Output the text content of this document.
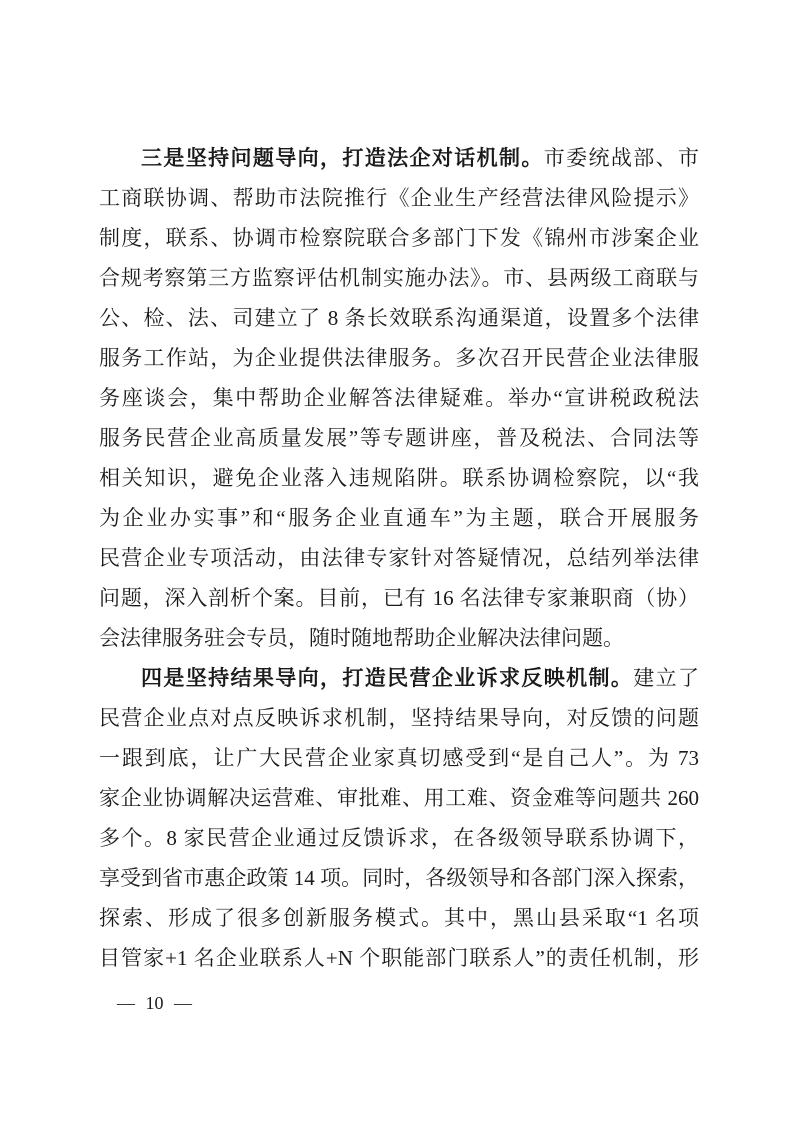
三是坚持问题导向，打造法企对话机制。市委统战部、市
工商联协调、帮助市法院推行《企业生产经营法律风险提示》
制度，联系、协调市检察院联合多部门下发《锦州市涉案企业
合规考察第三方监察评估机制实施办法》。市、县两级工商联与
公、检、法、司建立了 8 条长效联系沟通渠道，设置多个法律
服务工作站，为企业提供法律服务。多次召开民营企业法律服
务座谈会，集中帮助企业解答法律疑难。举办“宣讲税政税法
服务民营企业高质量发展”等专题讲座，普及税法、合同法等
相关知识，避免企业落入违规陷阱。联系协调检察院，以“我
为企业办实事”和“服务企业直通车”为主题，联合开展服务
民营企业专项活动，由法律专家针对答疑情况，总结列举法律
问题，深入剖析个案。目前，已有 16 名法律专家兼职商（协）
会法律服务驻会专员，随时随地帮助企业解决法律问题。
四是坚持结果导向，打造民营企业诉求反映机制。建立了
民营企业点对点反映诉求机制，坚持结果导向，对反馈的问题
一跟到底，让广大民营企业家真切感受到“是自己人”。为 73
家企业协调解决运营难、审批难、用工难、资金难等问题共 260
多个。8 家民营企业通过反馈诉求，在各级领导联系协调下，
享受到省市惠企政策 14 项。同时，各级领导和各部门深入探索，
探索、形成了很多创新服务模式。其中，黑山县采取“1 名项
目管家+1 名企业联系人+N 个职能部门联系人”的责任机制，形
— 10 —
